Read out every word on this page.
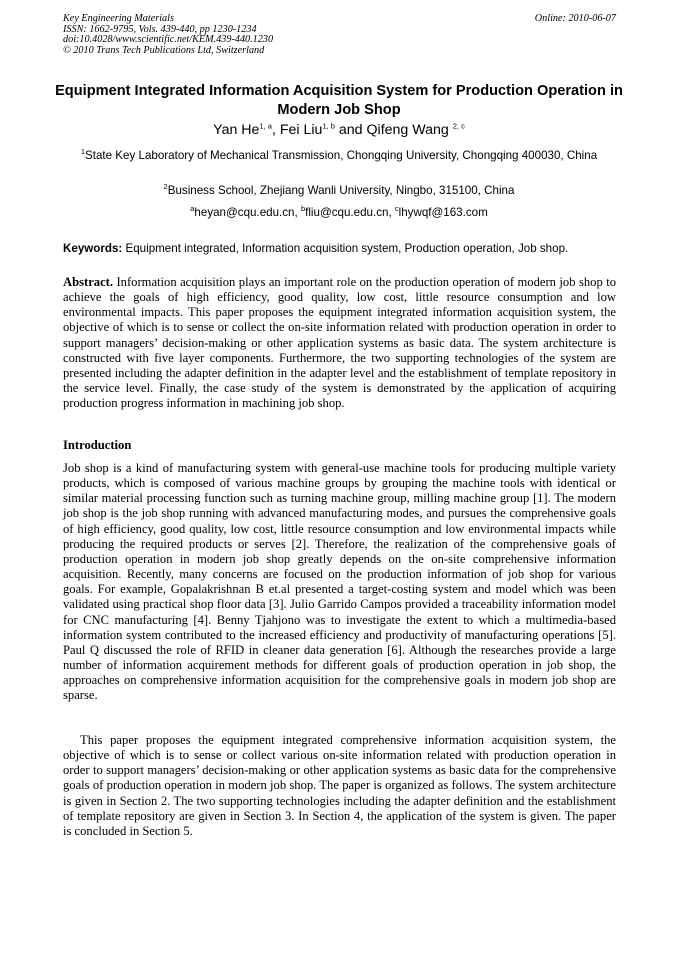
Key Engineering Materials
ISSN: 1662-9795, Vols. 439-440, pp 1230-1234
doi:10.4028/www.scientific.net/KEM.439-440.1230
© 2010 Trans Tech Publications Ltd, Switzerland
Online: 2010-06-07
Equipment Integrated Information Acquisition System for Production Operation in Modern Job Shop
Yan He$^{1, a}$, Fei Liu$^{1, b}$ and Qifeng Wang $^{2, c}$
$^1$State Key Laboratory of Mechanical Transmission, Chongqing University, Chongqing 400030, China
$^2$Business School, Zhejiang Wanli University, Ningbo, 315100, China
$^a$heyan@cqu.edu.cn, $^b$fliu@cqu.edu.cn, $^c$lhywqf@163.com
Keywords: Equipment integrated, Information acquisition system, Production operation, Job shop.
Abstract. Information acquisition plays an important role on the production operation of modern job shop to achieve the goals of high efficiency, good quality, low cost, little resource consumption and low environmental impacts. This paper proposes the equipment integrated information acquisition system, the objective of which is to sense or collect the on-site information related with production operation in order to support managers’ decision-making or other application systems as basic data. The system architecture is constructed with five layer components. Furthermore, the two supporting technologies of the system are presented including the adapter definition in the adapter level and the establishment of template repository in the service level. Finally, the case study of the system is demonstrated by the application of acquiring production progress information in machining job shop.
Introduction
Job shop is a kind of manufacturing system with general-use machine tools for producing multiple variety products, which is composed of various machine groups by grouping the machine tools with identical or similar material processing function such as turning machine group, milling machine group [1]. The modern job shop is the job shop running with advanced manufacturing modes, and pursues the comprehensive goals of high efficiency, good quality, low cost, little resource consumption and low environmental impacts while producing the required products or serves [2]. Therefore, the realization of the comprehensive goals of production operation in modern job shop greatly depends on the on-site comprehensive information acquisition. Recently, many concerns are focused on the production information of job shop for various goals. For example, Gopalakrishnan B et.al presented a target-costing system and model which was been validated using practical shop floor data [3]. Julio Garrido Campos provided a traceability information model for CNC manufacturing [4]. Benny Tjahjono was to investigate the extent to which a multimedia-based information system contributed to the increased efficiency and productivity of manufacturing operations [5]. Paul Q discussed the role of RFID in cleaner data generation [6]. Although the researches provide a large number of information acquirement methods for different goals of production operation in job shop, the approaches on comprehensive information acquisition for the comprehensive goals in modern job shop are sparse.
This paper proposes the equipment integrated comprehensive information acquisition system, the objective of which is to sense or collect various on-site information related with production operation in order to support managers’ decision-making or other application systems as basic data for the comprehensive goals of production operation in modern job shop. The paper is organized as follows. The system architecture is given in Section 2. The two supporting technologies including the adapter definition and the establishment of template repository are given in Section 3. In Section 4, the application of the system is given. The paper is concluded in Section 5.
